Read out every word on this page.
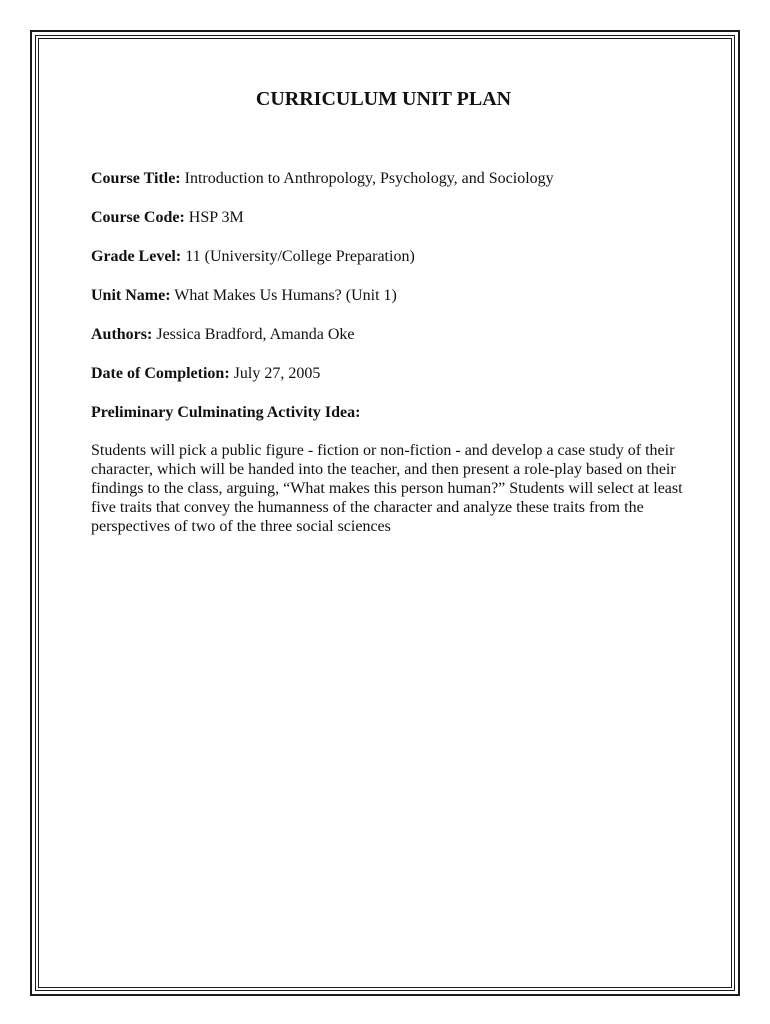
CURRICULUM UNIT PLAN
Course Title: Introduction to Anthropology, Psychology, and Sociology
Course Code: HSP 3M
Grade Level: 11 (University/College Preparation)
Unit Name: What Makes Us Humans? (Unit 1)
Authors: Jessica Bradford, Amanda Oke
Date of Completion: July 27, 2005
Preliminary Culminating Activity Idea:

Students will pick a public figure - fiction or non-fiction - and develop a case study of their character, which will be handed into the teacher, and then present a role-play based on their findings to the class, arguing, “What makes this person human?” Students will select at least five traits that convey the humanness of the character and analyze these traits from the perspectives of two of the three social sciences
